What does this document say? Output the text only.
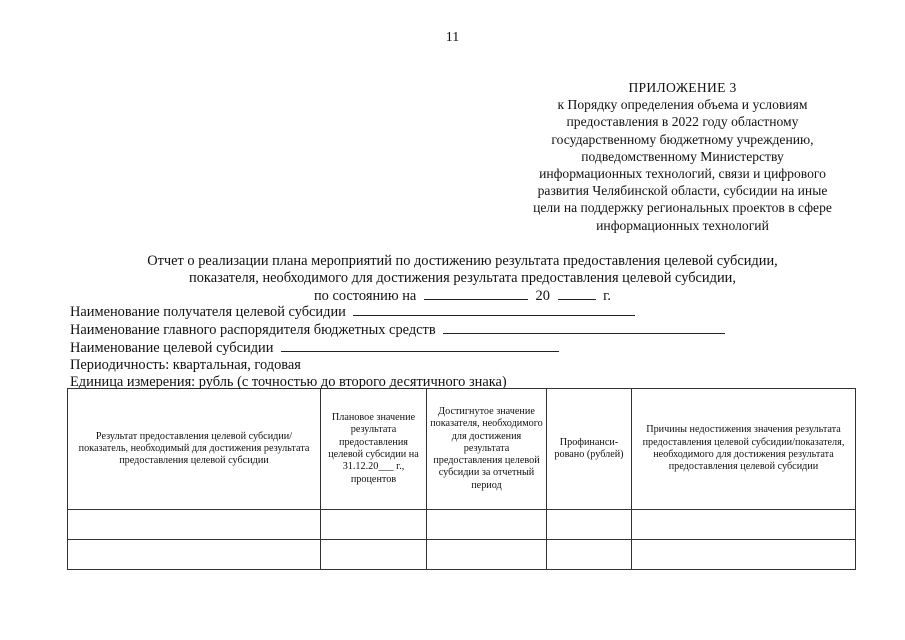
11
ПРИЛОЖЕНИЕ 3
к Порядку определения объема и условиям
предоставления в 2022 году областному
государственному бюджетному учреждению,
подведомственному Министерству
информационных технологий, связи и цифрового
развития Челябинской области, субсидии на иные
цели на поддержку региональных проектов в сфере
информационных технологий
Отчет о реализации плана мероприятий по достижению результата предоставления целевой субсидии,
показателя, необходимого для достижения результата предоставления целевой субсидии,
по состоянию на	20	г.
Наименование получателя целевой субсидии
Наименование главного распорядителя бюджетных средств
Наименование целевой субсидии
Периодичность: квартальная, годовая
Единица измерения: рубль (с точностью до второго десятичного знака)
Результат предоставления целевой субсидии/ показатель, необходимый для достижения результата предоставления целевой субсидии	Плановое значение результата предоставления целевой субсидии на 31.12.20___ г., процентов	Достигнутое значение показателя, необходимого для достижения результата предоставления целевой субсидии за отчетный период	Профинанси-рованo (рублей)	Причины недостижения значения результата предоставления целевой субсидии/показателя, необходимого для достижения результата предоставления целевой субсидии
